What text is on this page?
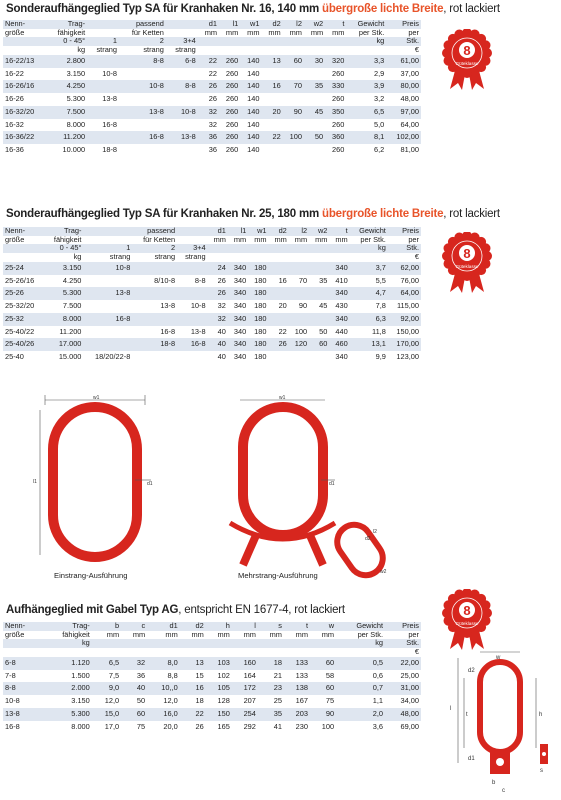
Sonderaufhängeglied Typ SA für Kranhaken Nr. 16, 140 mm übergroße lichte Breite, rot lackiert
Nenn-	Trag-		passend		d1	l1	w1	d2	l2	w2	t	Gewicht	Preis
größe	fähigkeit		für Ketten		mm	mm	mm	mm	mm	mm	mm	per Stk.	per
	0 - 45°	1	2	3+4								kg	Stk.
	kg	strang	strang	strang									€
16-22/13	2.800		8-8	6-8	22	260	140	13	60	30	320	3,3	61,00
16-22	3.150	10-8			22	260	140				260	2,9	37,00
16-26/16	4.250		10-8	8-8	26	260	140	16	70	35	330	3,9	80,00
16-26	5.300	13-8			26	260	140				260	3,2	48,00
16-32/20	7.500		13-8	10-8	32	260	140	20	90	45	350	6,5	97,00
16-32	8.000	16-8			32	260	140				260	5,0	64,00
16-36/22	11.200		16-8	13-8	36	260	140	22	100	50	360	8,1	102,00
16-36	10.000	18-8			36	260	140				260	6,2	81,00
8
Güteklasse
Sonderaufhängeglied Typ SA für Kranhaken Nr. 25, 180 mm übergroße lichte Breite, rot lackiert
Nenn-	Trag-		passend		d1	l1	w1	d2	l2	w2	t	Gewicht	Preis
größe	fähigkeit		für Ketten		mm	mm	mm	mm	mm	mm	mm	per Stk.	per
	0 - 45°	1	2	3+4								kg	Stk.
	kg	strang	strang	strang									€
25-24	3.150	10-8			24	340	180				340	3,7	62,00
25-26/16	4.250		8/10-8	8-8	26	340	180	16	70	35	410	5,5	76,00
25-26	5.300	13-8			26	340	180				340	4,7	64,00
25-32/20	7.500		13-8	10-8	32	340	180	20	90	45	430	7,8	115,00
25-32	8.000	16-8			32	340	180				340	6,3	92,00
25-40/22	11.200		16-8	13-8	40	340	180	22	100	50	440	11,8	150,00
25-40/26	17.000		18-8	16-8	40	340	180	26	120	60	460	13,1	170,00
25-40	15.000	18/20/22-8			40	340	180				340	9,9	123,00
8
Güteklasse
w1
l1	d1
w1
d1
l2
d2
w2
Einstrang-Ausführung	Mehrstrang-Ausführung
Aufhängeglied mit Gabel Typ AG, entspricht EN 1677-4, rot lackiert
Nenn-	Trag-	b	c	d1	d2	h	l	s	t	w	Gewicht	Preis
größe	fähigkeit	mm	mm	mm	mm	mm	mm	mm	mm	mm	per Stk.	per
	kg										kg	Stk.
												€
6-8	1.120	6,5	32	8,0	13	103	160	18	133	60	0,5	22,00
7-8	1.500	7,5	36	8,8	15	102	164	21	133	58	0,6	25,00
8-8	2.000	9,0	40	10,,0	16	105	172	23	138	60	0,7	31,00
10-8	3.150	12,0	50	12,0	18	128	207	25	167	75	1,1	34,00
13-8	5.300	15,0	60	16,0	22	150	254	35	203	90	2,0	48,00
16-8	8.000	17,0	75	20,0	26	165	292	41	230	100	3,6	69,00
8
Güteklasse
w
d2
l
t	h
d1
b
c
s
